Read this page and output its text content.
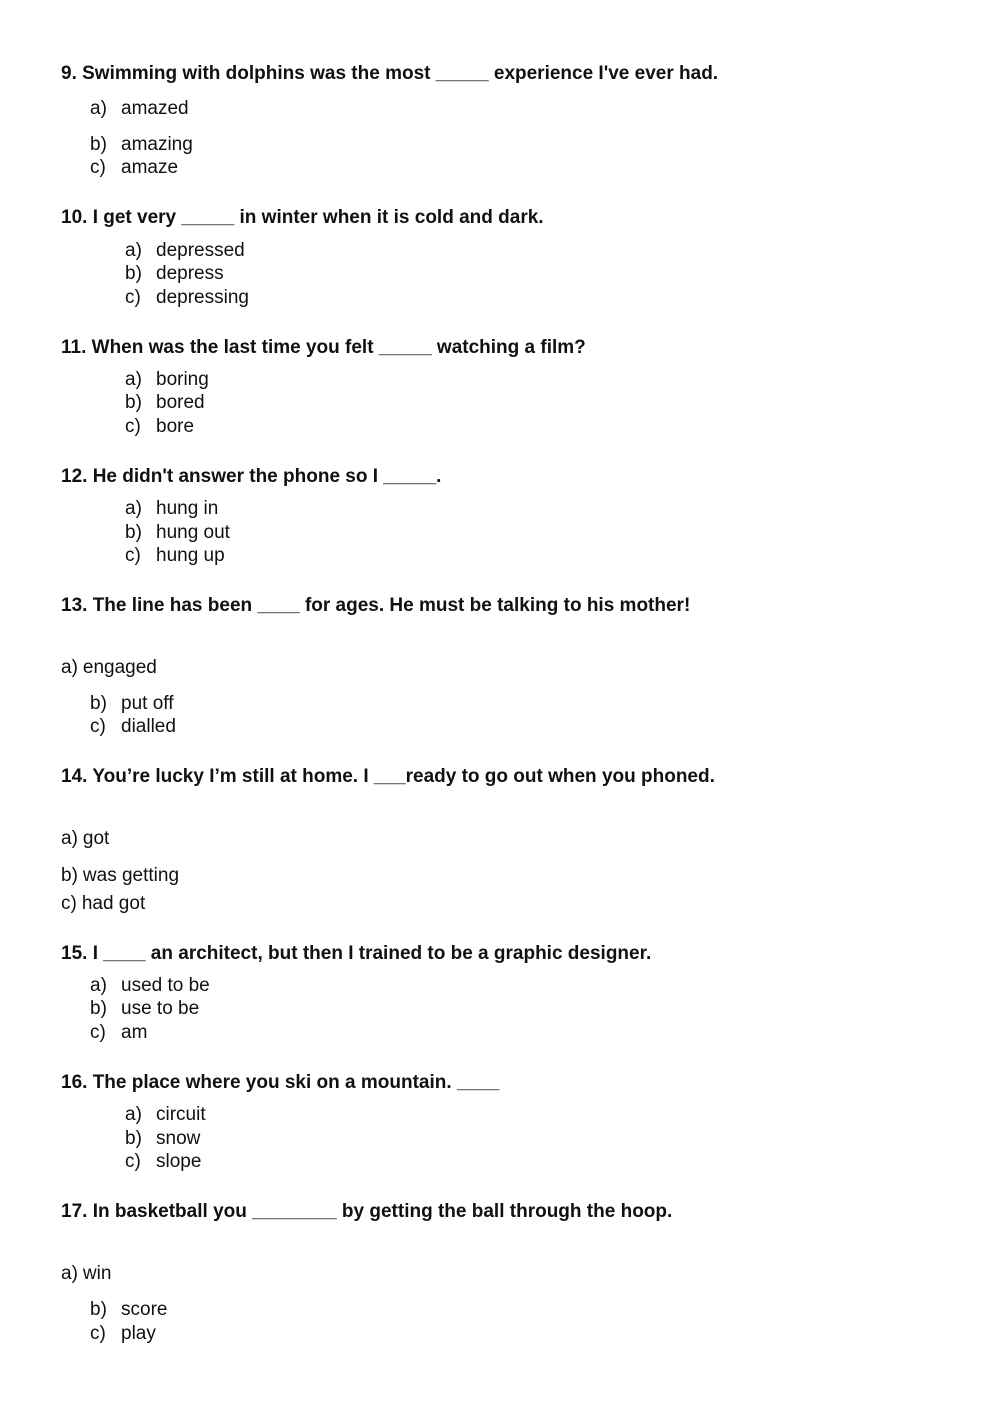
9. Swimming with dolphins was the most _____ experience I've ever had.
a) amazed
b) amazing
c) amaze
10. I get very _____ in winter when it is cold and dark.
a) depressed
b) depress
c) depressing
11. When was the last time you felt _____ watching a film?
a) boring
b) bored
c) bore
12. He didn't answer the phone so I _____.
a) hung in
b) hung out
c) hung up
13. The line has been ____ for ages. He must be talking to his mother!
a) engaged
b) put off
c) dialled
14. You’re lucky I’m still at home. I ___ready to go out when you phoned.
a) got
b) was getting
c) had got
15. I ____ an architect, but then I trained to be a graphic designer.
a) used to be
b) use to be
c) am
16. The place where you ski on a mountain. ____
a) circuit
b) snow
c) slope
17. In basketball you ________ by getting the ball through the hoop.
a) win
b) score
c) play
